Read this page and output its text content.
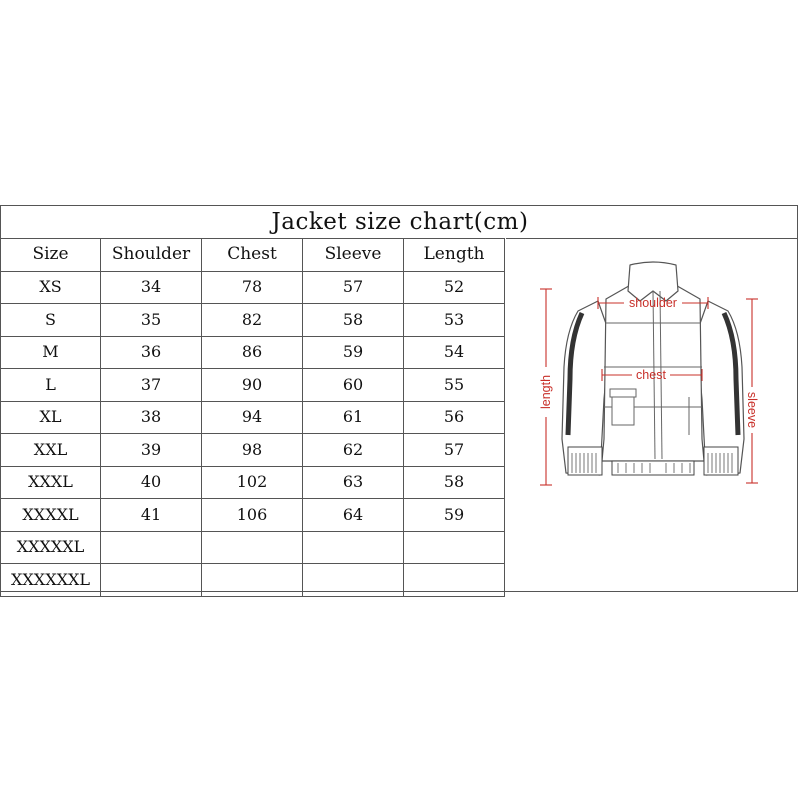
Jacket size chart(cm)
Size	Shoulder	Chest	Sleeve	Length
XS	34	78	57	52
S	35	82	58	53
M	36	86	59	54
L	37	90	60	55
XL	38	94	61	56
XXL	39	98	62	57
XXXL	40	102	63	58
XXXXL	41	106	64	59
XXXXXL				
XXXXXXL				
shoulder
chest
length	sleeve
